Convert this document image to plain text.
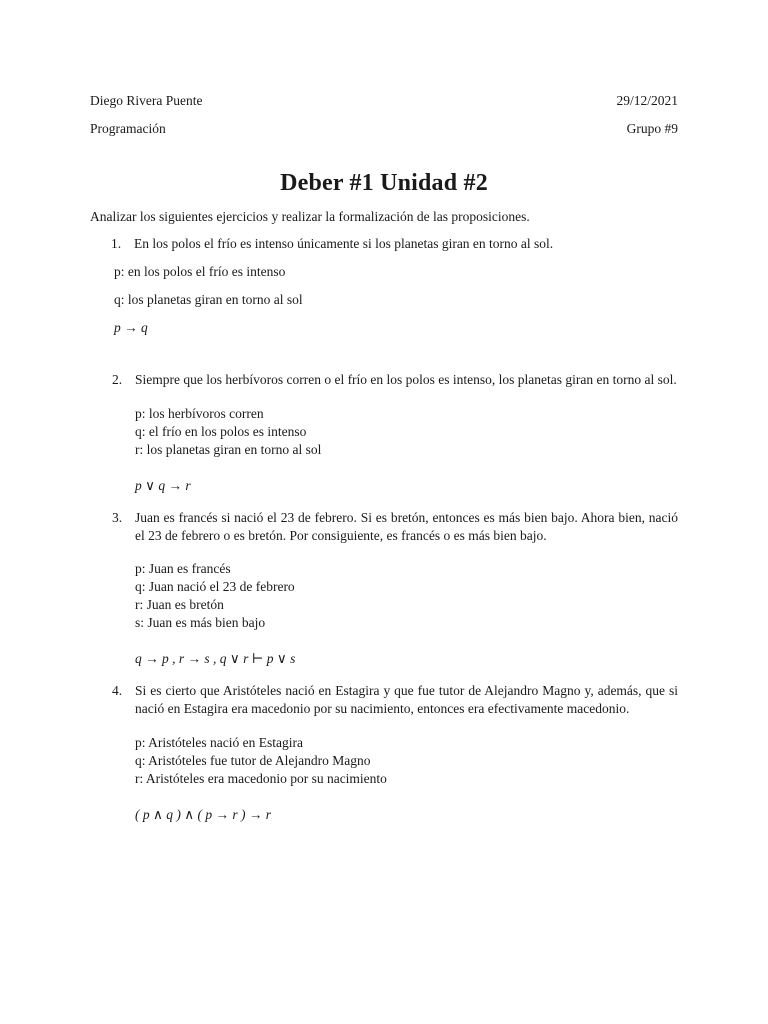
Diego Rivera Puente	29/12/2021
Programación	Grupo #9
Deber #1 Unidad #2
Analizar los siguientes ejercicios y realizar la formalización de las proposiciones.
1. En los polos el frío es intenso únicamente si los planetas giran en torno al sol.
p: en los polos el frío es intenso
q: los planetas giran en torno al sol
p → q
2. Siempre que los herbívoros corren o el frío en los polos es intenso, los planetas giran en torno al sol.
p: los herbívoros corren
q: el frío en los polos es intenso
r: los planetas giran en torno al sol
p ∨ q → r
3. Juan es francés si nació el 23 de febrero. Si es bretón, entonces es más bien bajo. Ahora bien, nació el 23 de febrero o es bretón. Por consiguiente, es francés o es más bien bajo.
p: Juan es francés
q: Juan nació el 23 de febrero
r: Juan es bretón
s: Juan es más bien bajo
q → p , r → s , q ∨ r ⊢ p ∨ s
4. Si es cierto que Aristóteles nació en Estagira y que fue tutor de Alejandro Magno y, además, que si nació en Estagira era macedonio por su nacimiento, entonces era efectivamente macedonio.
p: Aristóteles nació en Estagira
q: Aristóteles fue tutor de Alejandro Magno
r: Aristóteles era macedonio por su nacimiento
( p ∧ q ) ∧ ( p → r ) → r
